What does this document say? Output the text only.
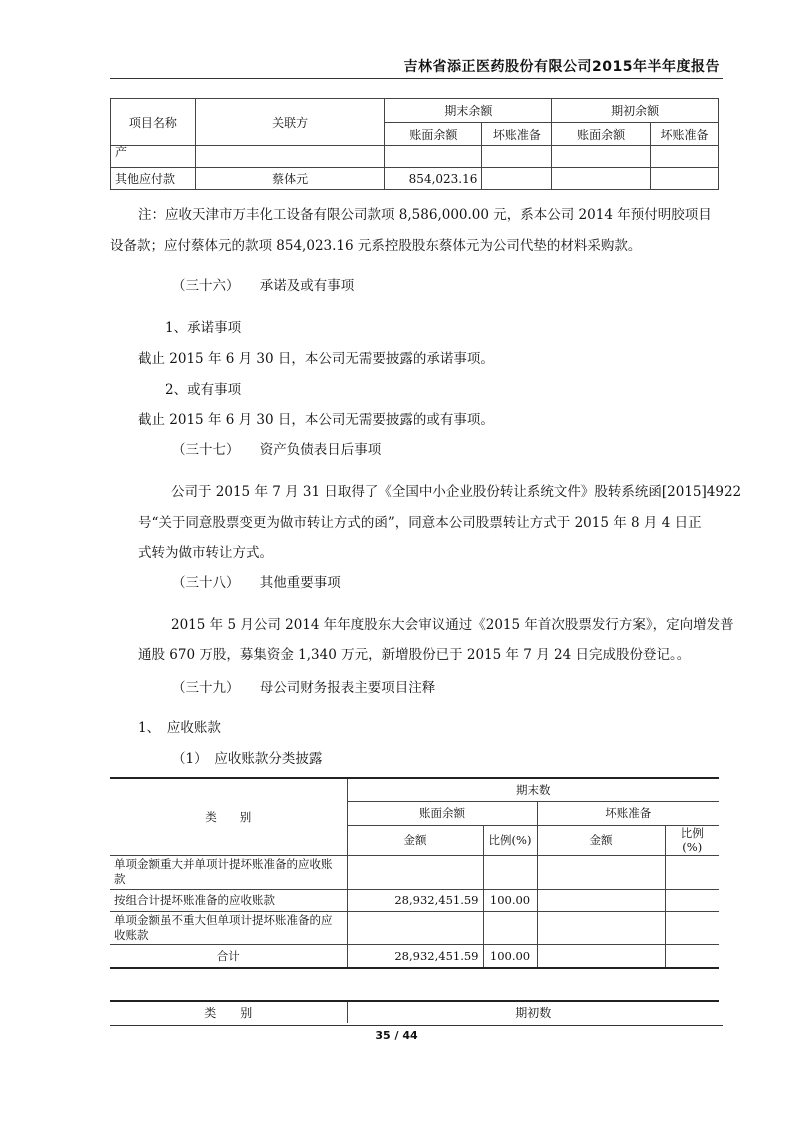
吉林省添正医药股份有限公司2015年半年度报告
项目名称	关联方	期末余额		期初余额	
		账面余额	坏账准备	账面余额	坏账准备
产					
其他应付款	蔡体元	854,023.16			
注：应收天津市万丰化工设备有限公司款项 8,586,000.00 元，系本公司 2014 年预付明胶项目
设备款；应付蔡体元的款项 854,023.16 元系控股股东蔡体元为公司代垫的材料采购款。
（三十六）　　承诺及或有事项
1、承诺事项
截止 2015 年 6 月 30 日，本公司无需要披露的承诺事项。
2、或有事项
截止 2015 年 6 月 30 日，本公司无需要披露的或有事项。
（三十七）　　资产负债表日后事项
公司于 2015 年 7 月 31 日取得了《全国中小企业股份转让系统文件》股转系统函[2015]4922
号“关于同意股票变更为做市转让方式的函”，同意本公司股票转让方式于 2015 年 8 月 4 日正
式转为做市转让方式。
（三十八）　　其他重要事项
2015 年 5 月公司 2014 年年度股东大会审议通过《2015 年首次股票发行方案》，定向增发普
通股 670 万股，募集资金 1,340 万元，新增股份已于 2015 年 7 月 24 日完成股份登记。。
（三十九）　　母公司财务报表主要项目注释
1、　应收账款
（1）　应收账款分类披露
类　　别	期末数			
	账面余额		坏账准备	
	金额	比例(%)	金额	比例
(%)
单项金额重大并单项计提坏账准备的应收账款				
按组合计提坏账准备的应收账款	28,932,451.59	100.00		
单项金额虽不重大但单项计提坏账准备的应收账款				
合计	28,932,451.59	100.00		
类　　别	期初数
35 / 44
